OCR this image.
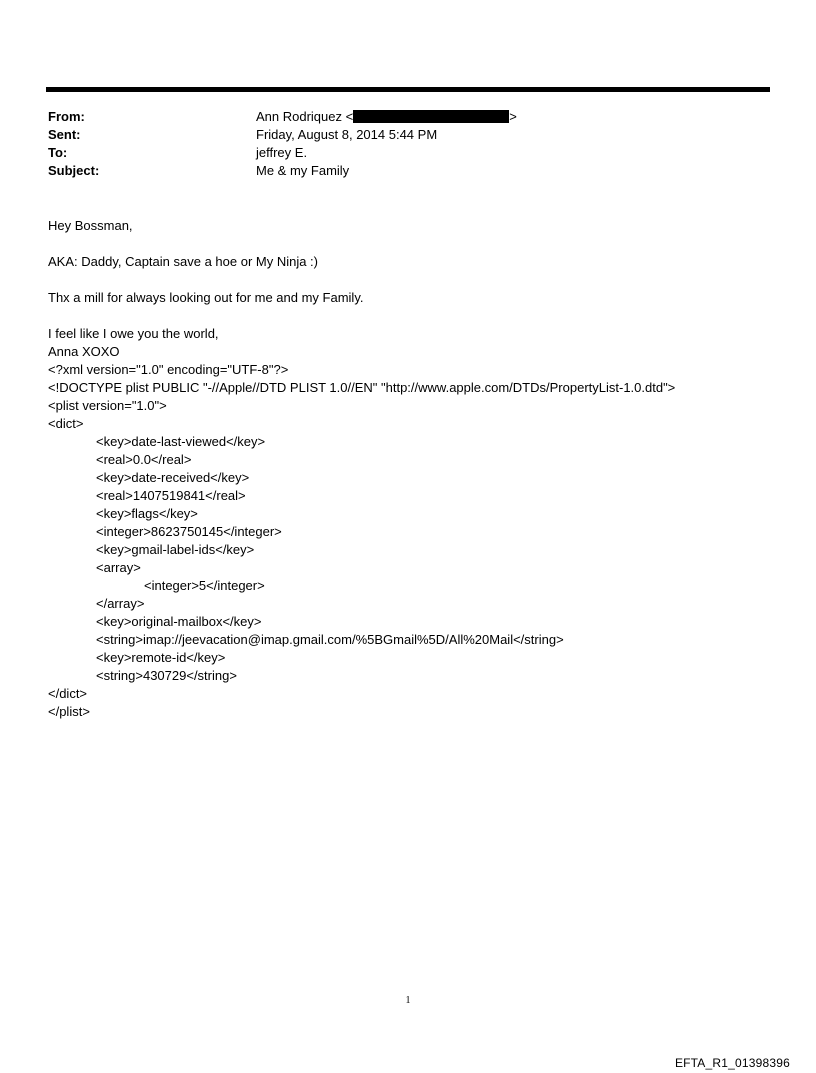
From:	Ann Rodriquez <	>
Sent:	Friday, August 8, 2014 5:44 PM
To:	jeffrey E.
Subject:	Me & my Family

Hey Bossman,

AKA: Daddy, Captain save a hoe or My Ninja :)

Thx a mill for always looking out for me and my Family.

I feel like I owe you the world,

Anna XOXO

<?xml version="1.0" encoding="UTF-8"?>

<!DOCTYPE plist PUBLIC "-//Apple//DTD PLIST 1.0//EN" "http://www.apple.com/DTDs/PropertyList-1.0.dtd">

<plist version="1.0">

<dict>

<key>date-last-viewed</key>

<real>0.0</real>

<key>date-received</key>

<real>1407519841</real>

<key>flags</key>

<integer>8623750145</integer>

<key>gmail-label-ids</key>

<array>

<integer>5</integer>

</array>

<key>original-mailbox</key>

<string>imap://jeevacation@imap.gmail.com/%5BGmail%5D/All%20Mail</string>

<key>remote-id</key>

<string>430729</string>

</dict>

</plist>

1
EFTA_R1_01398396
